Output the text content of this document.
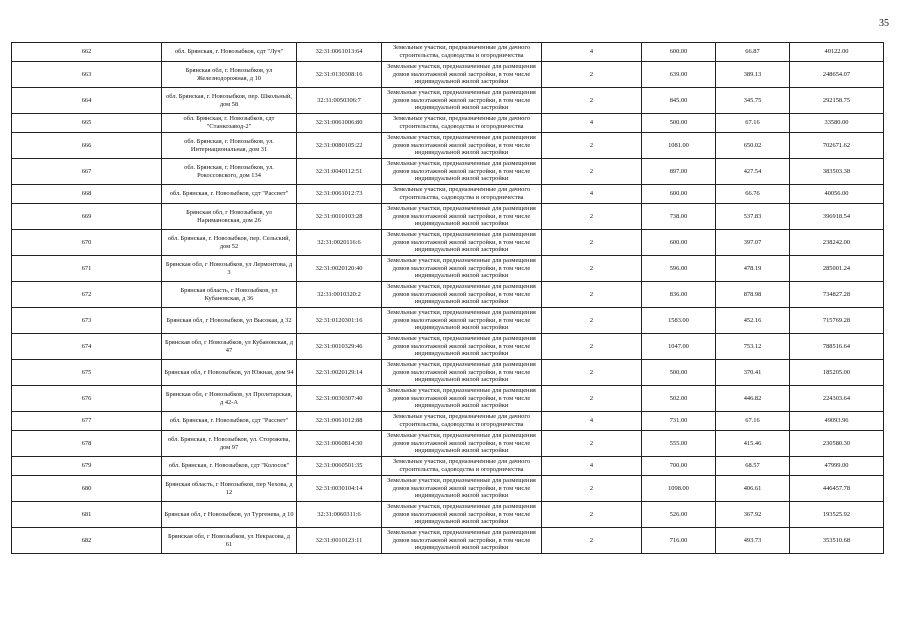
35
662	обл. Брянская, г. Новозыбков, сдт "Луч"	32:31:0061013:64	Земельные участки, предназначенные для дачного строительства, садоводства и огородничества	4	600.00	66.87	40122.00
663	Брянская обл, г. Новозыбков, ул Железнодорожная, д 10	32:31:0130308:16	Земельные участки, предназначенные для размещения домов малоэтажной жилой застройки, в том числе индивидуальной жилой застройки	2	639.00	389.13	248654.07
664	обл. Брянская, г. Новозыбков, пер. Школьный, дом 58	32:31:0050306:7	Земельные участки, предназначенные для размещения домов малоэтажной жилой застройки, в том числе индивидуальной жилой застройки	2	845.00	345.75	292158.75
665	обл. Брянская, г. Новозыбков, сдт "Станкозавод-2"	32:31:0061006:80	Земельные участки, предназначенные для дачного строительства, садоводства и огородничества	4	500.00	67.16	33580.00
666	обл. Брянская, г. Новозыбков, ул. Интернациональная, дом 31	32:31:0080105:22	Земельные участки, предназначенные для размещения домов малоэтажной жилой застройки, в том числе индивидуальной жилой застройки	2	1081.00	650.02	702671.62
667	обл. Брянская, г. Новозыбков, ул. Рокоссовского, дом 134	32:31:0040112:51	Земельные участки, предназначенные для размещения домов малоэтажной жилой застройки, в том числе индивидуальной жилой застройки	2	897.00	427.54	383503.38
668	обл. Брянская, г. Новозыбков, сдт "Рассвет"	32:31:0061012:73	Земельные участки, предназначенные для дачного строительства, садоводства и огородничества	4	600.00	66.76	40056.00
669	Брянская обл, г Новозыбков, ул Наримановская, дом 26	32:31:0010103:28	Земельные участки, предназначенные для размещения домов малоэтажной жилой застройки, в том числе индивидуальной жилой застройки	2	738.00	537.83	396918.54
670	обл. Брянская, г. Новозыбков, пер. Сельский, дом 52	32:31:0020116:6	Земельные участки, предназначенные для размещения домов малоэтажной жилой застройки, в том числе индивидуальной жилой застройки	2	600.00	397.07	238242.00
671	Брянская обл, г Новозыбков, ул Лермонтова, д 3	32:31:0020120:40	Земельные участки, предназначенные для размещения домов малоэтажной жилой застройки, в том числе индивидуальной жилой застройки	2	596.00	478.19	285001.24
672	Брянская область, г Новозыбков, ул Кубановская, д 36	32:31:0010320:2	Земельные участки, предназначенные для размещения домов малоэтажной жилой застройки, в том числе индивидуальной жилой застройки	2	836.00	878.98	734827.28
673	Брянская обл, г Новозыбков, ул Высокая, д 32	32:31:0120301:16	Земельные участки, предназначенные для размещения домов малоэтажной жилой застройки, в том числе индивидуальной жилой застройки	2	1583.00	452.16	715769.28
674	Брянская обл, г Новозыбков, ул Кубановская, д 47	32:31:0010329:46	Земельные участки, предназначенные для размещения домов малоэтажной жилой застройки, в том числе индивидуальной жилой застройки	2	1047.00	753.12	788516.64
675	Брянская обл, г Новозыбков, ул Южная, дом 94	32:31:0020129:14	Земельные участки, предназначенные для размещения домов малоэтажной жилой застройки, в том числе индивидуальной жилой застройки	2	500.00	370.41	185205.00
676	Брянская обл, г Новозыбков, ул Пролетарская, д 42-А	32:31:0030307:40	Земельные участки, предназначенные для размещения домов малоэтажной жилой застройки, в том числе индивидуальной жилой застройки	2	502.00	446.82	224303.64
677	обл. Брянская, г. Новозыбков, сдт "Рассвет"	32:31:0061012:88	Земельные участки, предназначенные для дачного строительства, садоводства и огородничества	4	731.00	67.16	49093.96
678	обл. Брянская, г. Новозыбков, ул. Сторожева, дом 97	32:31:0060814:30	Земельные участки, предназначенные для размещения домов малоэтажной жилой застройки, в том числе индивидуальной жилой застройки	2	555.00	415.46	230580.30
679	обл. Брянская, г. Новозыбков, сдт "Колосок"	32:31:0060501:35	Земельные участки, предназначенные для дачного строительства, садоводства и огородничества	4	700.00	68.57	47999.00
680	Брянская область, г Новозыбков, пер Чехова, д 12	32:31:0030104:14	Земельные участки, предназначенные для размещения домов малоэтажной жилой застройки, в том числе индивидуальной жилой застройки	2	1098.00	406.61	446457.78
681	Брянская обл, г Новозыбков, ул Тургенева, д 10	32:31:0060311:6	Земельные участки, предназначенные для размещения домов малоэтажной жилой застройки, в том числе индивидуальной жилой застройки	2	526.00	367.92	193525.92
682	Брянская обл, г Новозыбков, ул Некрасова, д 61	32:31:0010123:11	Земельные участки, предназначенные для размещения домов малоэтажной жилой застройки, в том числе индивидуальной жилой застройки	2	716.00	493.73	353510.68
